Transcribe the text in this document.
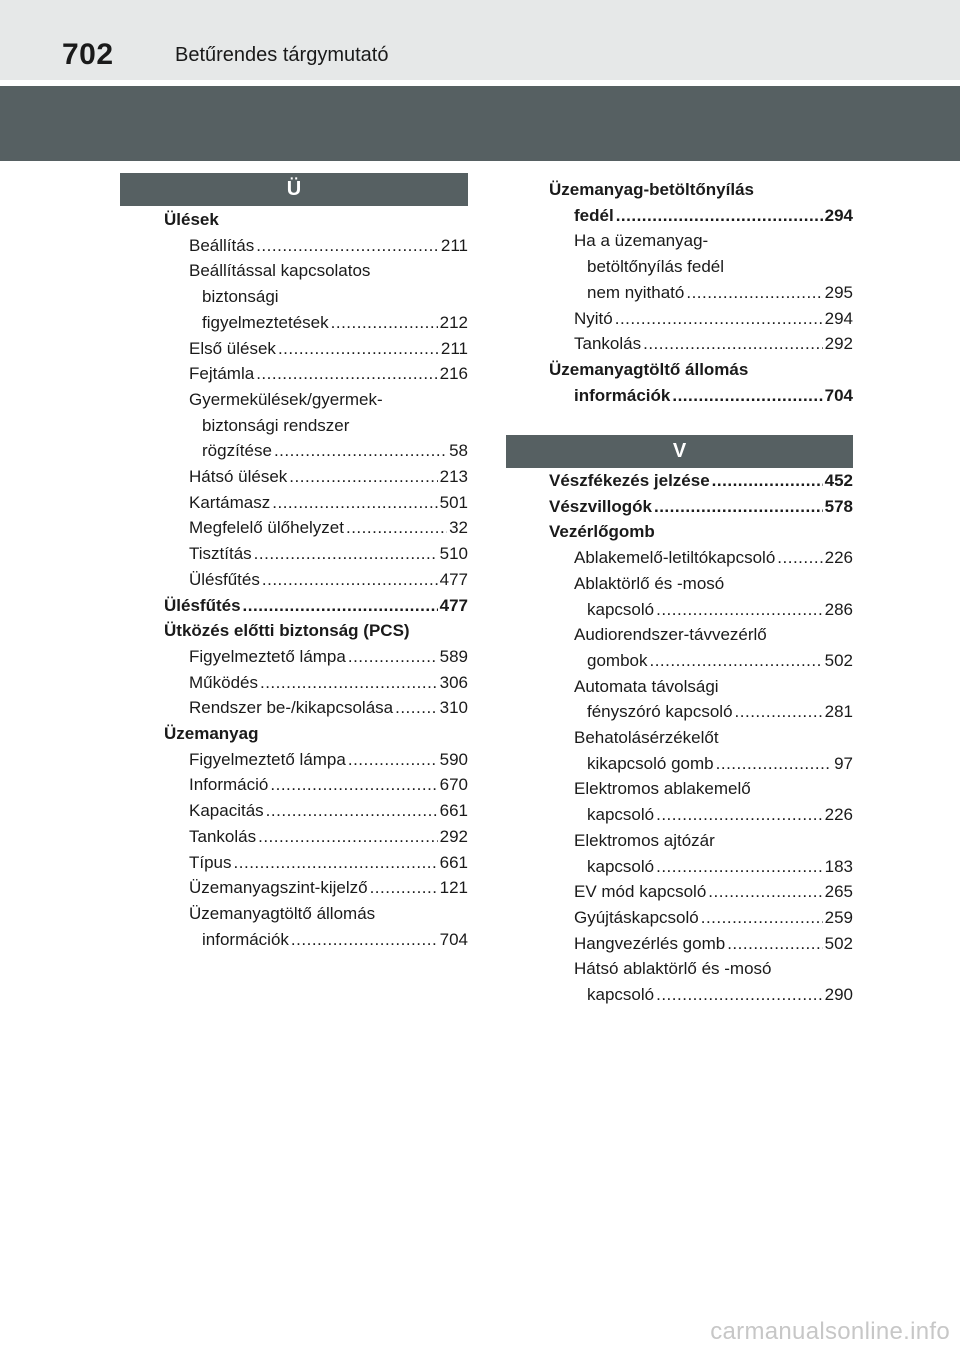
702	Betűrendes tárgymutató
Ü
Ülések
Beállítás .....	211
Beállítással kapcsolatos
biztonsági
figyelmeztetések .....	212
Első ülések .....	211
Fejtámla .....	216
Gyermekülések/gyermek-
biztonsági rendszer
rögzítése .....	58
Hátsó ülések .....	213
Kartámasz .....	501
Megfelelő ülőhelyzet .....	32
Tisztítás .....	510
Ülésfűtés .....	477
Ülésfűtés .....	477
Ütközés előtti biztonság (PCS)
Figyelmeztető lámpa .....	589
Működés .....	306
Rendszer be-/kikapcsolása .....	310
Üzemanyag
Figyelmeztető lámpa .....	590
Információ .....	670
Kapacitás .....	661
Tankolás .....	292
Típus .....	661
Üzemanyagszint-kijelző .....	121
Üzemanyagtöltő állomás
információk .....	704
Üzemanyag-betöltőnyílás
fedél .....	294
Ha a üzemanyag-
betöltőnyílás fedél
nem nyitható .....	295
Nyitó .....	294
Tankolás .....	292
Üzemanyagtöltő állomás
információk .....	704
V
Vészfékezés jelzése .....	452
Vészvillogók .....	578
Vezérlőgomb
Ablakemelő-letiltókapcsoló .....	226
Ablaktörlő és -mosó
kapcsoló .....	286
Audiorendszer-távvezérlő
gombok .....	502
Automata távolsági
fényszóró kapcsoló .....	281
Behatolásérzékelőt
kikapcsoló gomb .....	97
Elektromos ablakemelő
kapcsoló .....	226
Elektromos ajtózár
kapcsoló .....	183
EV mód kapcsoló .....	265
Gyújtáskapcsoló .....	259
Hangvezérlés gomb .....	502
Hátsó ablaktörlő és -mosó
kapcsoló .....	290
carmanualsonline.info
